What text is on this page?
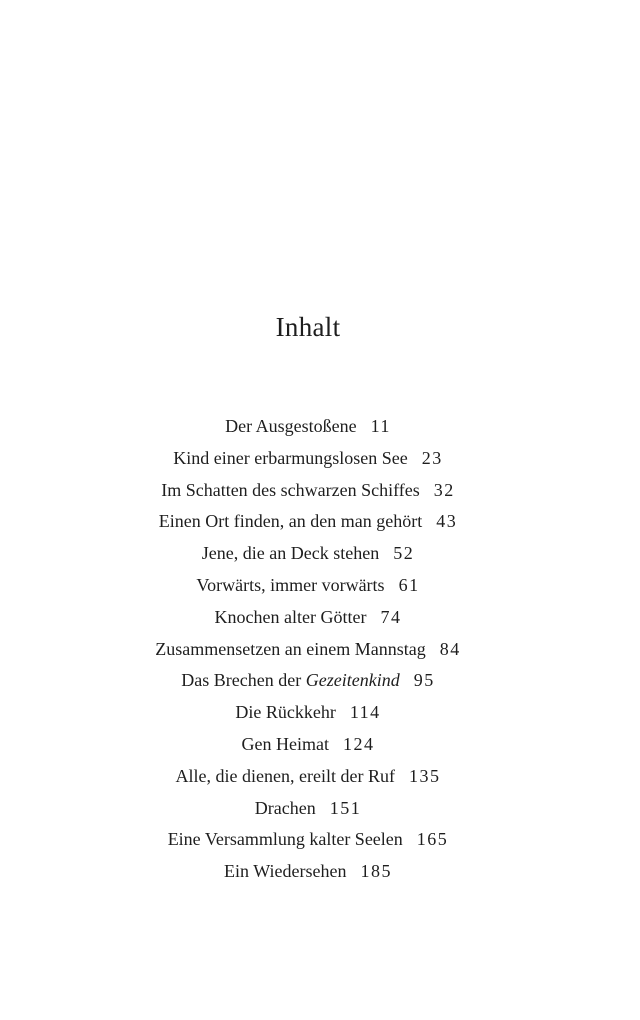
Inhalt
Der Ausgestoßene 11
Kind einer erbarmungslosen See 23
Im Schatten des schwarzen Schiffes 32
Einen Ort finden, an den man gehört 43
Jene, die an Deck stehen 52
Vorwärts, immer vorwärts 61
Knochen alter Götter 74
Zusammensetzen an einem Mannstag 84
Das Brechen der Gezeitenkind 95
Die Rückkehr 114
Gen Heimat 124
Alle, die dienen, ereilt der Ruf 135
Drachen 151
Eine Versammlung kalter Seelen 165
Ein Wiedersehen 185
